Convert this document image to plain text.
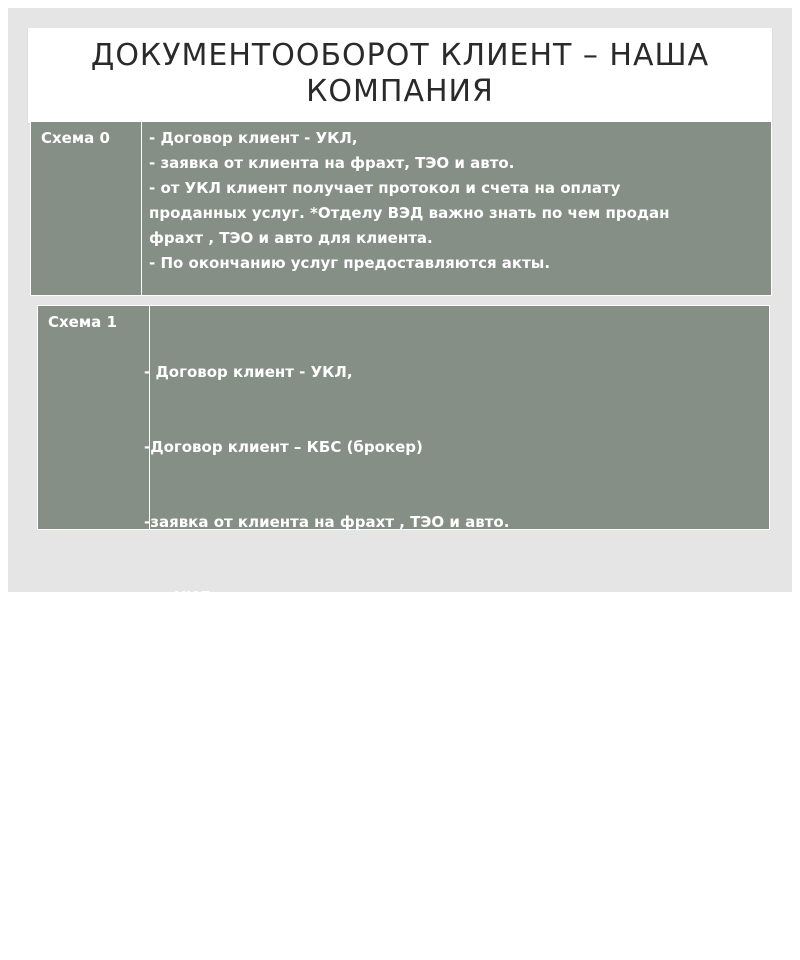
ДОКУМЕНТООБОРОТ КЛИЕНТ – НАША
КОМПАНИЯ
Схема 0	- Договор клиент - УКЛ,
- заявка от клиента на фрахт, ТЭО и авто.
- от УКЛ клиент получает протокол и счета на оплату
проданных услуг. *Отделу ВЭД важно знать по чем продан
фрахт , ТЭО и авто для клиента.
- По окончанию услуг предоставляются акты.
Схема 1

- Договор клиент - УКЛ,

-Договор клиент – КБС (брокер)

-заявка от клиента на фрахт , ТЭО и авто.

-от УКЛ клиент получает протокол и счета на оплату

проданных услуг.

-За указанием ВЭД в некоторых случаях клиент

подписывает договор с терминалом.

-По окончанию услуг предоставляются акты.
